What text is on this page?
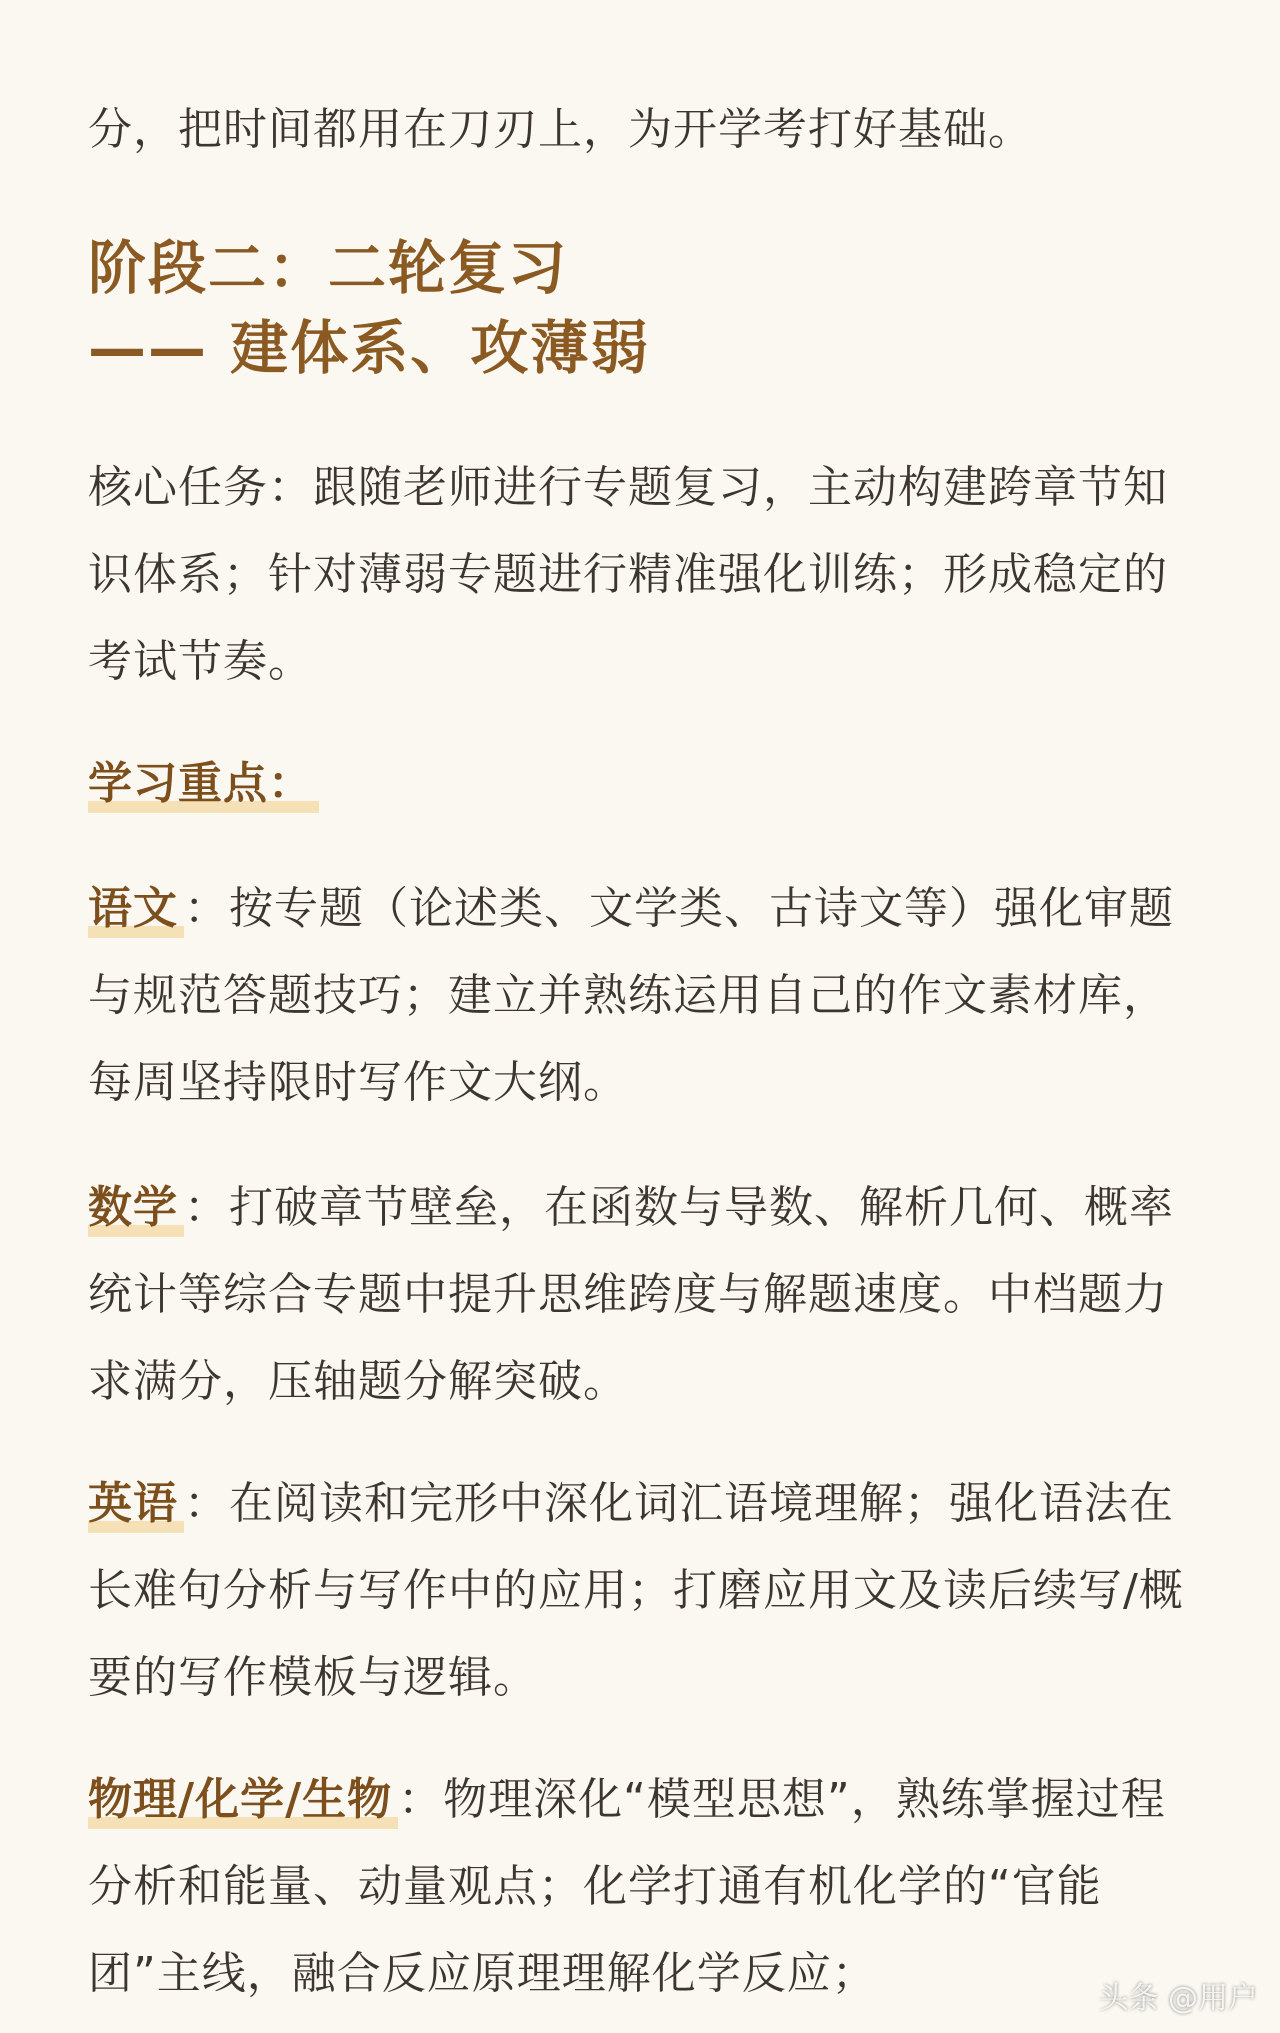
分，把时间都用在刀刃上，为开学考打好基础。

阶段二：二轮复习
—— 建体系、攻薄弱

核心任务：跟随老师进行专题复习，主动构建跨章节知识体系；针对薄弱专题进行精准强化训练；形成稳定的考试节奏。

学习重点：

语文 ：按专题（论述类、文学类、古诗文等）强化审题与规范答题技巧；建立并熟练运用自己的作文素材库，每周坚持限时写作文大纲。

数学 ：打破章节壁垒，在函数与导数、解析几何、概率统计等综合专题中提升思维跨度与解题速度。中档题力求满分，压轴题分解突破。

英语 ：在阅读和完形中深化词汇语境理解；强化语法在长难句分析与写作中的应用；打磨应用文及读后续写/概要的写作模板与逻辑。

物理/化学/生物 ：物理深化“模型思想”，熟练掌握过程分析和能量、动量观点；化学打通有机化学的“官能团”主线，融合反应原理理解化学反应；	头条 @用户
